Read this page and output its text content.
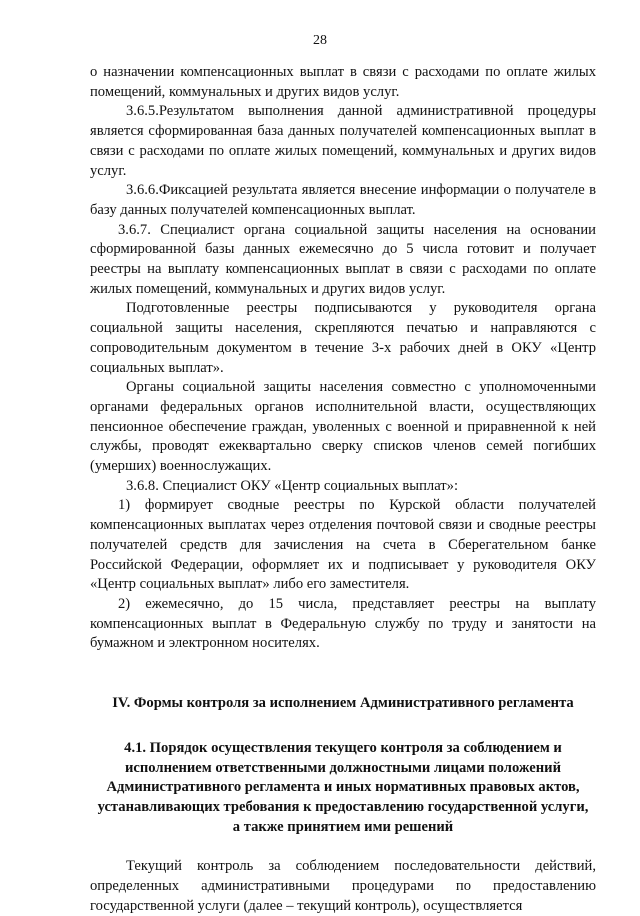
28

о назначении компенсационных выплат в связи с расходами по оплате жилых помещений, коммунальных и других видов услуг.

3.6.5.Результатом выполнения данной административной процедуры является сформированная база данных получателей компенсационных выплат в связи с расходами по оплате жилых помещений, коммунальных и других видов услуг.

3.6.6.Фиксацией результата является внесение информации о получателе в базу данных получателей компенсационных выплат.

3.6.7. Специалист органа социальной защиты населения на основании сформированной базы данных ежемесячно до 5 числа готовит и получает реестры на выплату компенсационных выплат в связи с расходами по оплате жилых помещений, коммунальных и других видов услуг.

Подготовленные реестры подписываются у руководителя органа социальной защиты населения, скрепляются печатью и направляются с сопроводительным документом в течение 3-х рабочих дней в ОКУ «Центр социальных выплат».

Органы социальной защиты населения совместно с уполномоченными органами федеральных органов исполнительной власти, осуществляющих пенсионное обеспечение граждан, уволенных с военной и приравненной к ней службы, проводят ежеквартально сверку списков членов семей погибших (умерших) военнослужащих.

3.6.8. Специалист ОКУ «Центр социальных выплат»:

1) формирует сводные реестры по Курской области получателей компенсационных выплатах через отделения почтовой связи и сводные реестры получателей средств для зачисления на счета в Сберегательном банке Российской Федерации, оформляет их и подписывает у руководителя ОКУ «Центр социальных выплат» либо его заместителя.

2) ежемесячно, до 15 числа, представляет реестры на выплату компенсационных выплат в Федеральную службу по труду и занятости на бумажном и электронном носителях.

IV. Формы контроля за исполнением Административного регламента
4.1. Порядок осуществления текущего контроля за соблюдением и исполнением ответственными должностными лицами положений Административного регламента и иных нормативных правовых актов, устанавливающих требования к предоставлению государственной услуги, а также принятием ими решений

Текущий контроль за соблюдением последовательности действий, определенных административными процедурами по предоставлению государственной услуги (далее – текущий контроль), осуществляется
